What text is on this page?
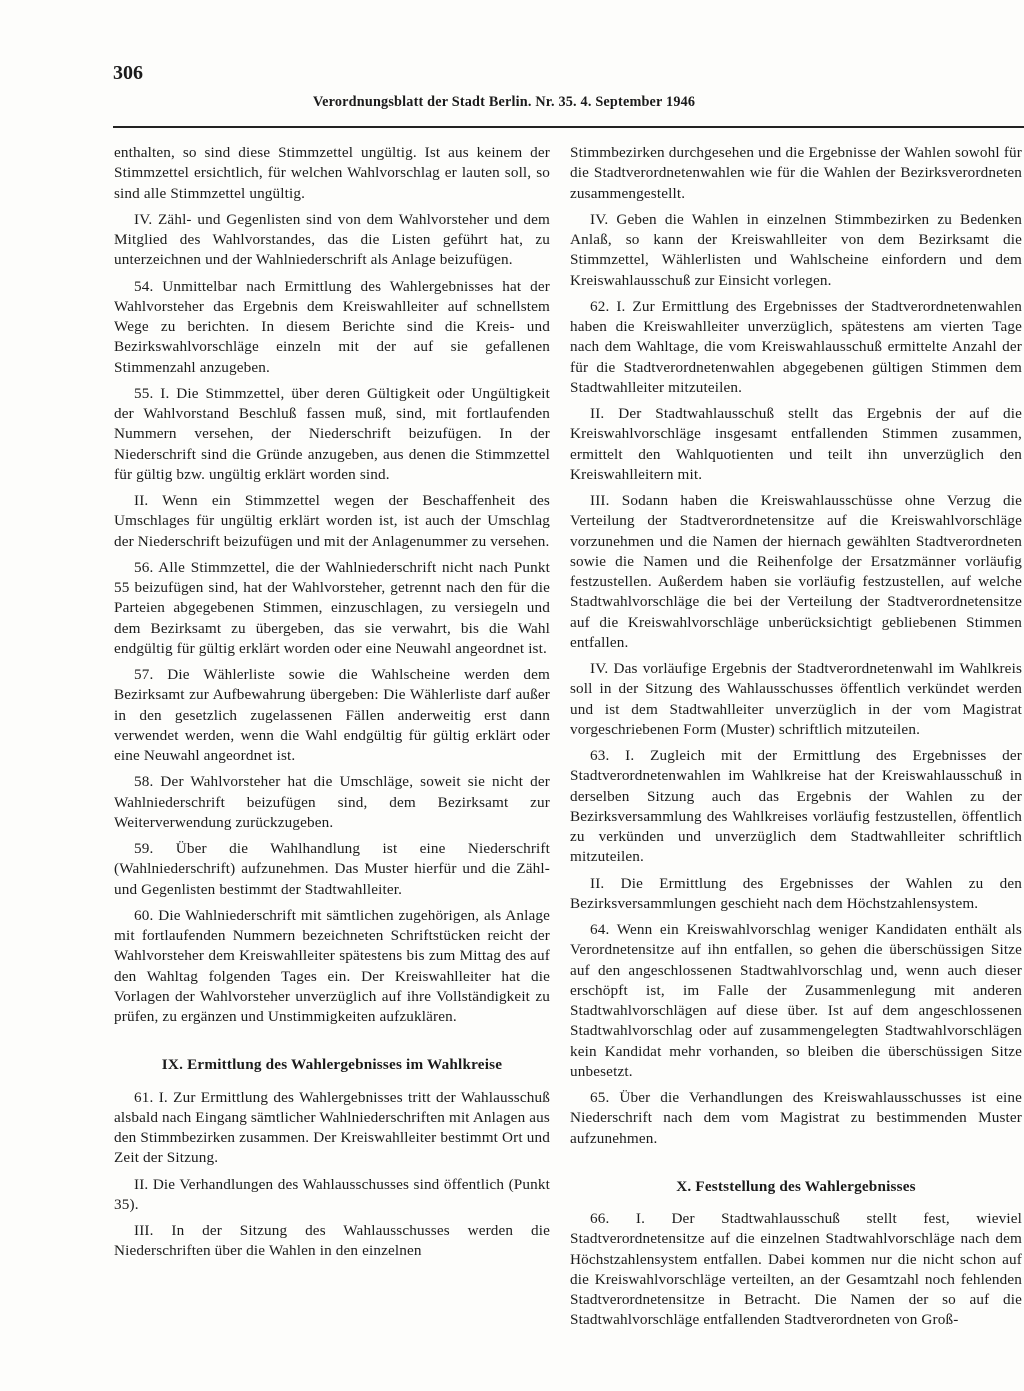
306
Verordnungsblatt der Stadt Berlin. Nr. 35. 4. September 1946

enthalten, so sind diese Stimmzettel ungültig. Ist aus keinem der Stimmzettel ersichtlich, für welchen Wahlvorschlag er lauten soll, so sind alle Stimmzettel ungültig.

IV. Zähl- und Gegenlisten sind von dem Wahlvorsteher und dem Mitglied des Wahlvorstandes, das die Listen geführt hat, zu unterzeichnen und der Wahlniederschrift als Anlage beizufügen.

54. Unmittelbar nach Ermittlung des Wahlergebnisses hat der Wahlvorsteher das Ergebnis dem Kreiswahlleiter auf schnellstem Wege zu berichten. In diesem Berichte sind die Kreis- und Bezirkswahlvorschläge einzeln mit der auf sie gefallenen Stimmenzahl anzugeben.

55. I. Die Stimmzettel, über deren Gültigkeit oder Ungültigkeit der Wahlvorstand Beschluß fassen muß, sind, mit fortlaufenden Nummern versehen, der Niederschrift beizufügen. In der Niederschrift sind die Gründe anzugeben, aus denen die Stimmzettel für gültig bzw. ungültig erklärt worden sind.

II. Wenn ein Stimmzettel wegen der Beschaffenheit des Umschlages für ungültig erklärt worden ist, ist auch der Umschlag der Niederschrift beizufügen und mit der Anlagenummer zu versehen.

56. Alle Stimmzettel, die der Wahlniederschrift nicht nach Punkt 55 beizufügen sind, hat der Wahlvorsteher, getrennt nach den für die Parteien abgegebenen Stimmen, einzuschlagen, zu versiegeln und dem Bezirksamt zu übergeben, das sie verwahrt, bis die Wahl endgültig für gültig erklärt worden oder eine Neuwahl angeordnet ist.

57. Die Wählerliste sowie die Wahlscheine werden dem Bezirksamt zur Aufbewahrung übergeben: Die Wählerliste darf außer in den gesetzlich zugelassenen Fällen anderweitig erst dann verwendet werden, wenn die Wahl endgültig für gültig erklärt oder eine Neuwahl angeordnet ist.

58. Der Wahlvorsteher hat die Umschläge, soweit sie nicht der Wahlniederschrift beizufügen sind, dem Bezirksamt zur Weiterverwendung zurückzugeben.

59. Über die Wahlhandlung ist eine Niederschrift (Wahlniederschrift) aufzunehmen. Das Muster hierfür und die Zähl- und Gegenlisten bestimmt der Stadtwahlleiter.

60. Die Wahlniederschrift mit sämtlichen zugehörigen, als Anlage mit fortlaufenden Nummern bezeichneten Schriftstücken reicht der Wahlvorsteher dem Kreiswahlleiter spätestens bis zum Mittag des auf den Wahltag folgenden Tages ein. Der Kreiswahlleiter hat die Vorlagen der Wahlvorsteher unverzüglich auf ihre Vollständigkeit zu prüfen, zu ergänzen und Unstimmigkeiten aufzuklären.

IX. Ermittlung des Wahlergebnisses im Wahlkreise

61. I. Zur Ermittlung des Wahlergebnisses tritt der Wahlausschuß alsbald nach Eingang sämtlicher Wahlniederschriften mit Anlagen aus den Stimmbezirken zusammen. Der Kreiswahlleiter bestimmt Ort und Zeit der Sitzung.

II. Die Verhandlungen des Wahlausschusses sind öffentlich (Punkt 35).

III. In der Sitzung des Wahlausschusses werden die Niederschriften über die Wahlen in den einzelnen

Stimmbezirken durchgesehen und die Ergebnisse der Wahlen sowohl für die Stadtverordnetenwahlen wie für die Wahlen der Bezirksverordneten zusammengestellt.

IV. Geben die Wahlen in einzelnen Stimmbezirken zu Bedenken Anlaß, so kann der Kreiswahlleiter von dem Bezirksamt die Stimmzettel, Wählerlisten und Wahlscheine einfordern und dem Kreiswahlausschuß zur Einsicht vorlegen.

62. I. Zur Ermittlung des Ergebnisses der Stadtverordnetenwahlen haben die Kreiswahlleiter unverzüglich, spätestens am vierten Tage nach dem Wahltage, die vom Kreiswahlausschuß ermittelte Anzahl der für die Stadtverordnetenwahlen abgegebenen gültigen Stimmen dem Stadtwahlleiter mitzuteilen.

II. Der Stadtwahlausschuß stellt das Ergebnis der auf die Kreiswahlvorschläge insgesamt entfallenden Stimmen zusammen, ermittelt den Wahlquotienten und teilt ihn unverzüglich den Kreiswahlleitern mit.

III. Sodann haben die Kreiswahlausschüsse ohne Verzug die Verteilung der Stadtverordnetensitze auf die Kreiswahlvorschläge vorzunehmen und die Namen der hiernach gewählten Stadtverordneten sowie die Namen und die Reihenfolge der Ersatzmänner vorläufig festzustellen. Außerdem haben sie vorläufig festzustellen, auf welche Stadtwahlvorschläge die bei der Verteilung der Stadtverordnetensitze auf die Kreiswahlvorschläge unberücksichtigt gebliebenen Stimmen entfallen.

IV. Das vorläufige Ergebnis der Stadtverordnetenwahl im Wahlkreis soll in der Sitzung des Wahlausschusses öffentlich verkündet werden und ist dem Stadtwahlleiter unverzüglich in der vom Magistrat vorgeschriebenen Form (Muster) schriftlich mitzuteilen.

63. I. Zugleich mit der Ermittlung des Ergebnisses der Stadtverordnetenwahlen im Wahlkreise hat der Kreiswahlausschuß in derselben Sitzung auch das Ergebnis der Wahlen zu der Bezirksversammlung des Wahlkreises vorläufig festzustellen, öffentlich zu verkünden und unverzüglich dem Stadtwahlleiter schriftlich mitzuteilen.

II. Die Ermittlung des Ergebnisses der Wahlen zu den Bezirksversammlungen geschieht nach dem Höchstzahlensystem.

64. Wenn ein Kreiswahlvorschlag weniger Kandidaten enthält als Verordnetensitze auf ihn entfallen, so gehen die überschüssigen Sitze auf den angeschlossenen Stadtwahlvorschlag und, wenn auch dieser erschöpft ist, im Falle der Zusammenlegung mit anderen Stadtwahlvorschlägen auf diese über. Ist auf dem angeschlossenen Stadtwahlvorschlag oder auf zusammengelegten Stadtwahlvorschlägen kein Kandidat mehr vorhanden, so bleiben die überschüssigen Sitze unbesetzt.

65. Über die Verhandlungen des Kreiswahlausschusses ist eine Niederschrift nach dem vom Magistrat zu bestimmenden Muster aufzunehmen.

X. Feststellung des Wahlergebnisses

66. I. Der Stadtwahlausschuß stellt fest, wieviel Stadtverordnetensitze auf die einzelnen Stadtwahlvorschläge nach dem Höchstzahlensystem entfallen. Dabei kommen nur die nicht schon auf die Kreiswahlvorschläge verteilten, an der Gesamtzahl noch fehlenden Stadtverordnetensitze in Betracht. Die Namen der so auf die Stadtwahlvorschläge entfallenden Stadtverordneten von Groß-
